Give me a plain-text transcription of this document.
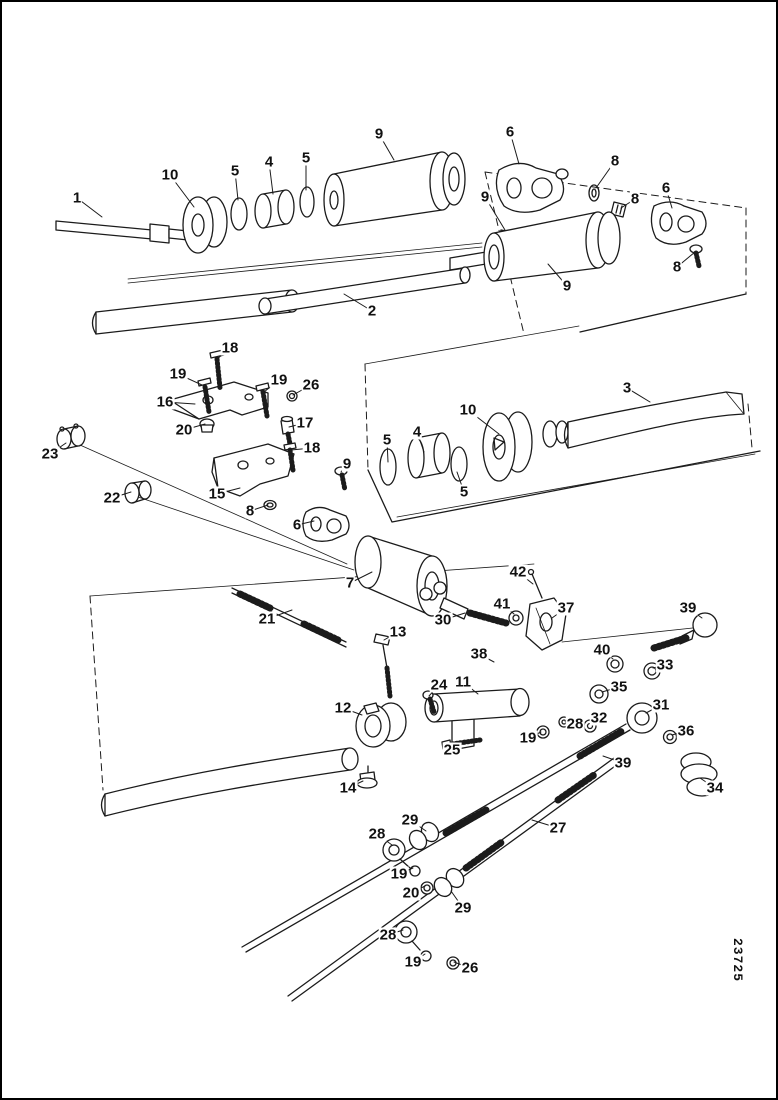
1
10	5
4 5
9	6
8
8
9
6
8
9
2
18
19	19 26
16
17
20
18
15
8
9
6
23
22
21
3
10
4
5
5
7
42
41	37	39
30
13
40
33
38
24 11	35
12
32
28
31
36
25
19
39
34
14
27
29
28
19
20
29
28
19	26	23725
